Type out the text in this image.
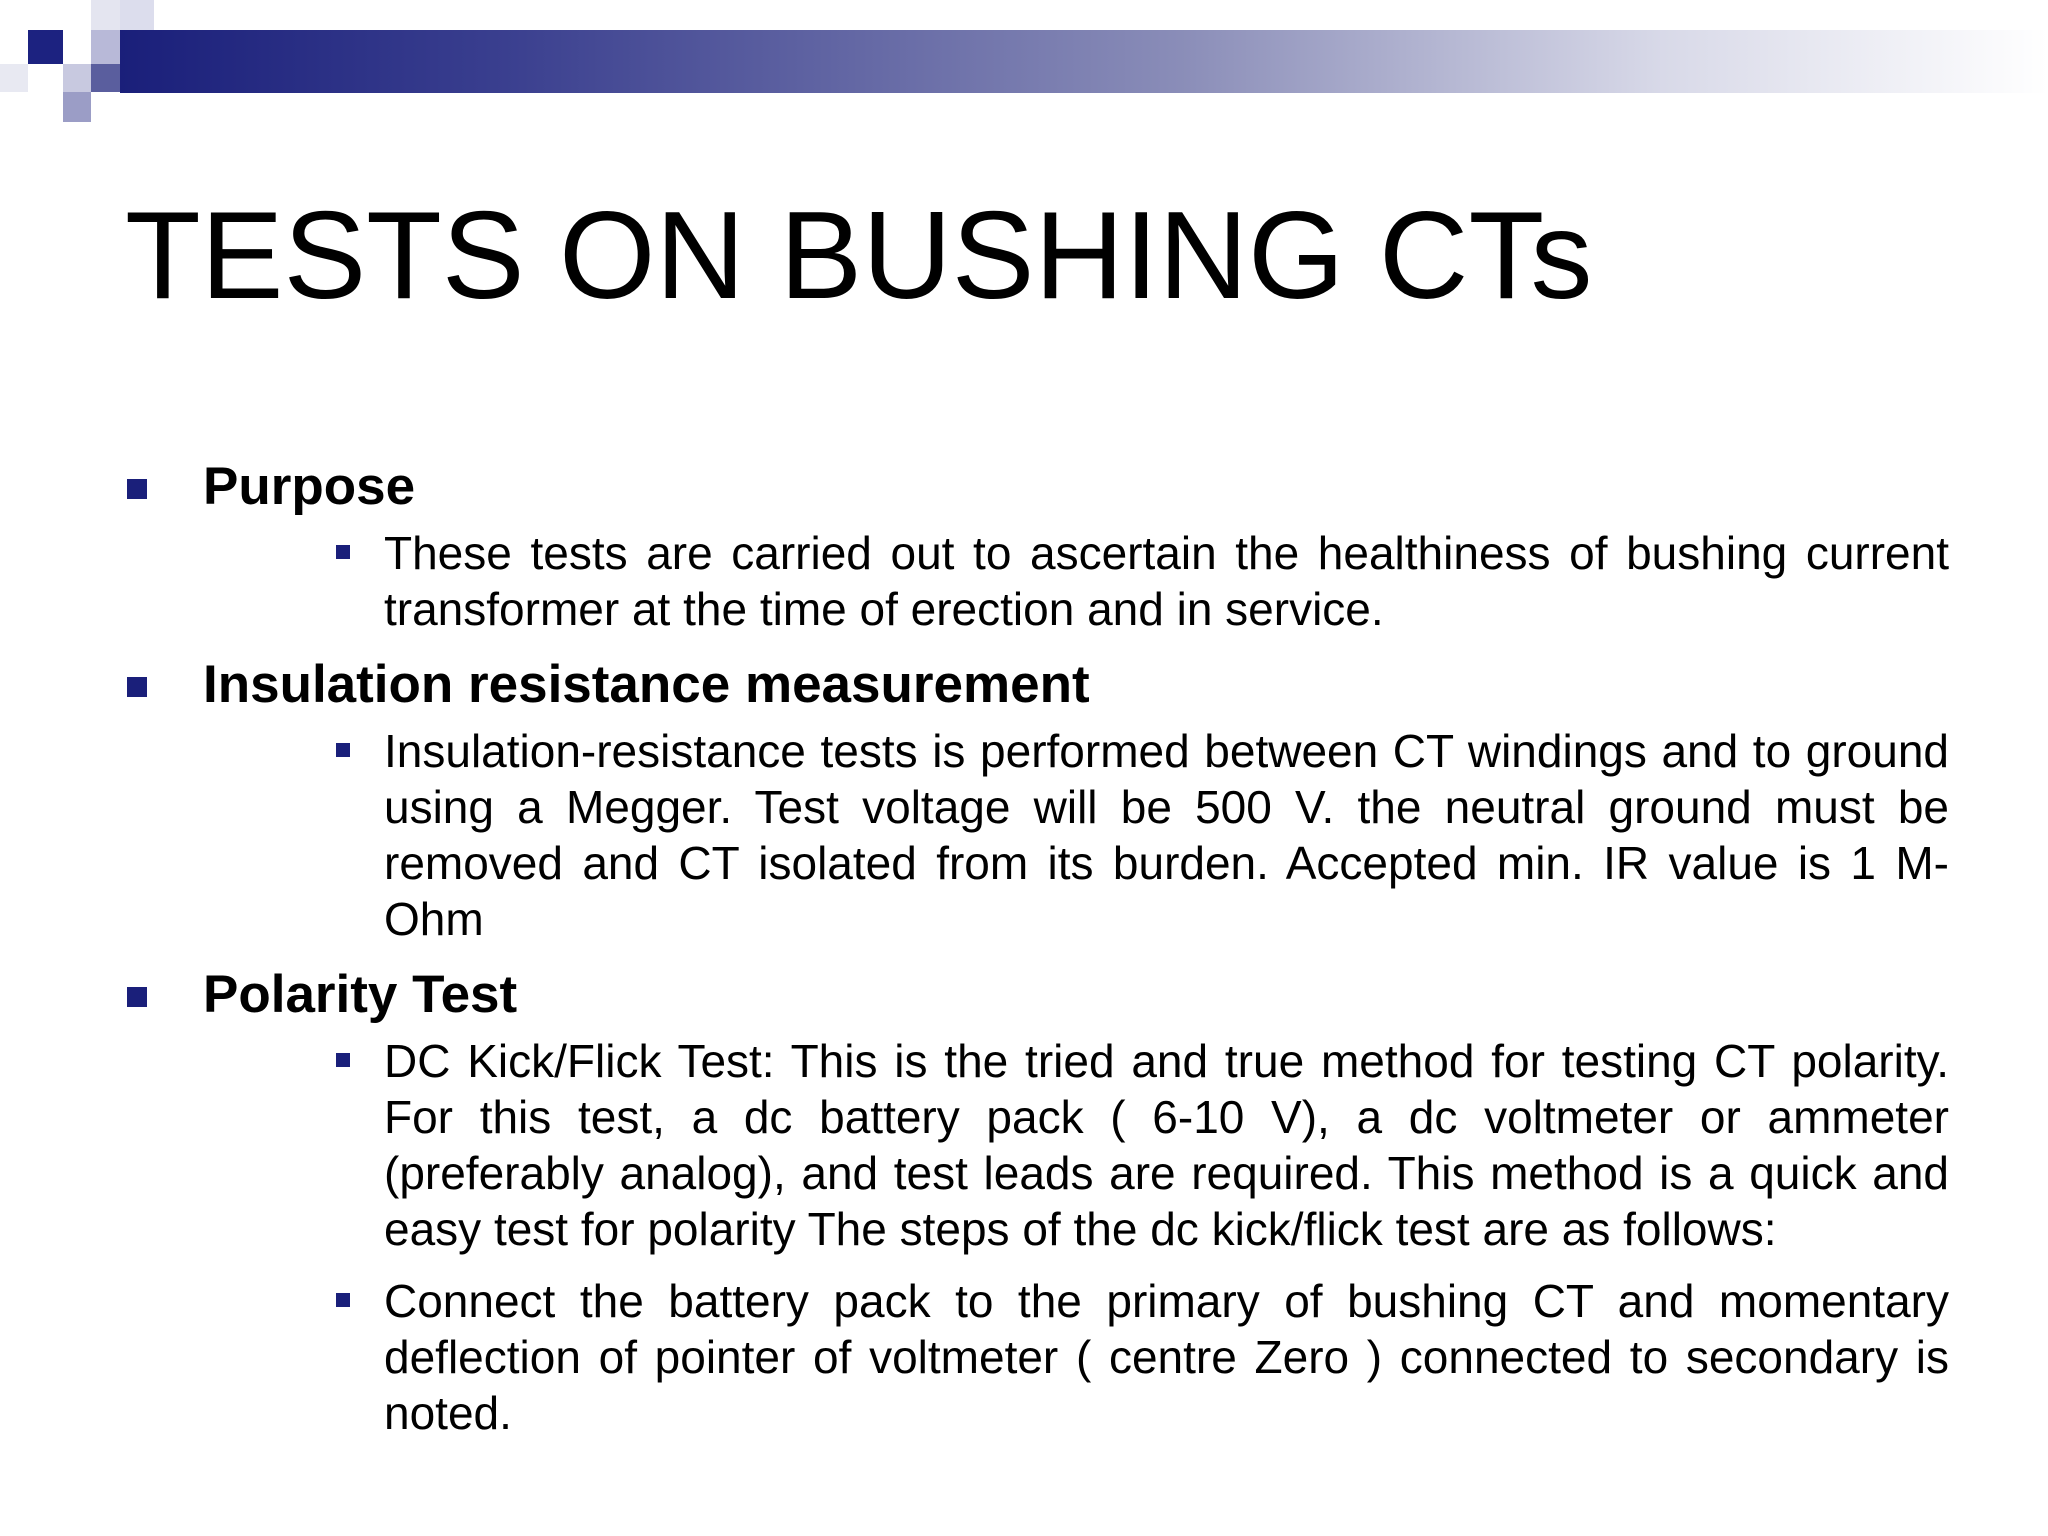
TESTS ON BUSHING CTs
Purpose
These tests are carried out to ascertain the healthiness of bushing current transformer at the time of erection and in service.
Insulation resistance measurement
Insulation-resistance tests is performed between CT windings and to ground using a Megger. Test voltage will be 500 V. the neutral ground must be removed and CT isolated from its burden. Accepted min. IR value is 1 M-Ohm
Polarity Test
DC Kick/Flick Test: This is the tried and true method for testing CT polarity. For this test, a dc battery pack ( 6-10 V), a dc voltmeter or ammeter (preferably analog), and test leads are required. This method is a quick and easy test for polarity The steps of the dc kick/flick test are as follows:
Connect the battery pack to the primary of bushing CT and momentary deflection of pointer of voltmeter ( centre Zero ) connected to secondary is noted.
